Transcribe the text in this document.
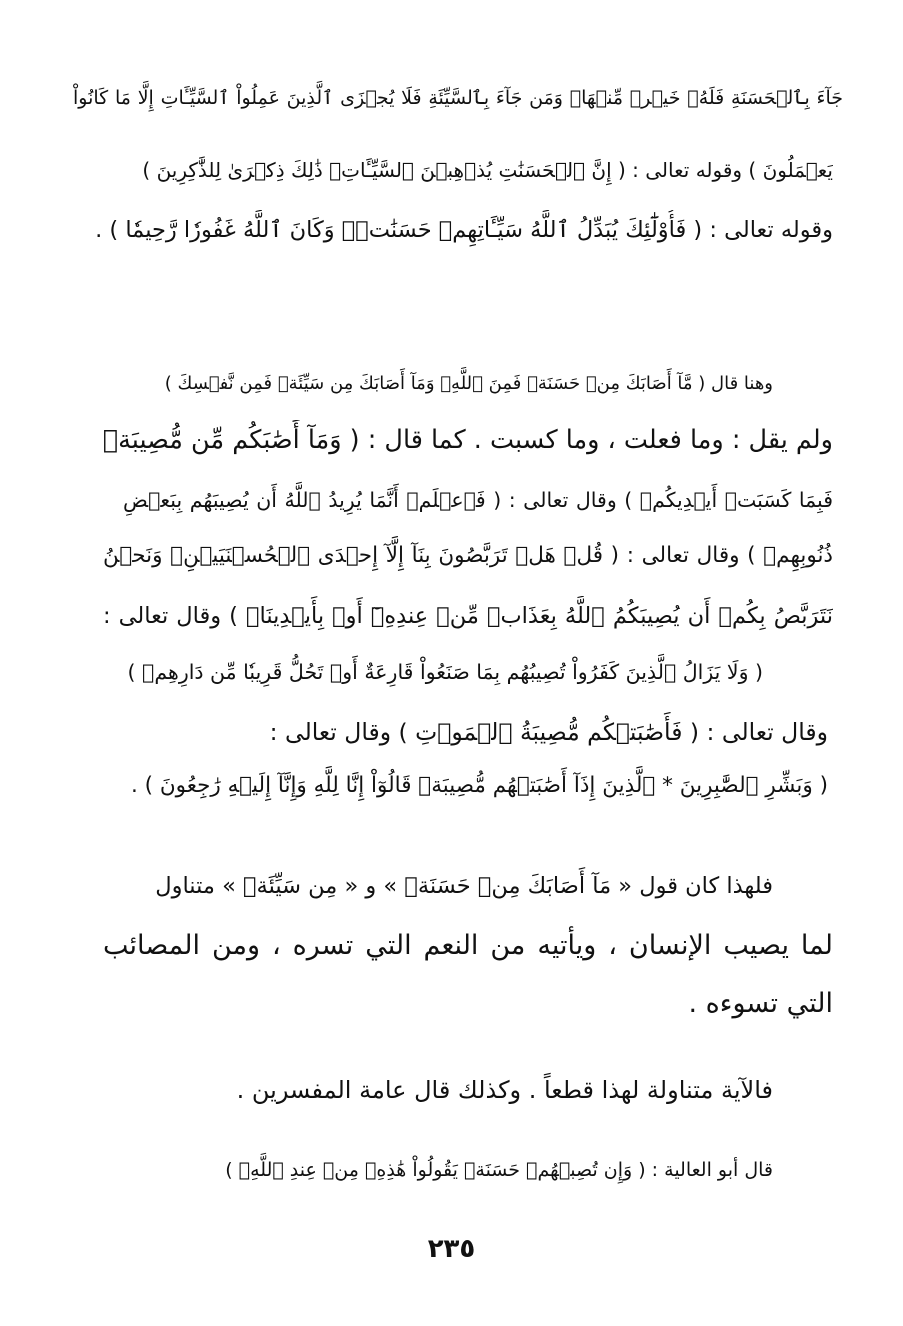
جَآءَ بِٱلۡحَسَنَةِ فَلَهُۥ خَيۡرٞ مِّنۡهَاۖ وَمَن جَآءَ بِٱلسَّيِّئَةِ فَلَا يُجۡزَى ٱلَّذِينَ عَمِلُواْ ٱلسَّيِّـَٔاتِ إِلَّا مَا كَانُواْ
يَعۡمَلُونَ ) وقوله تعالى : ( إِنَّ ٱلۡحَسَنَٰتِ يُذۡهِبۡنَ ٱلسَّيِّـَٔاتِۚ ذَٰلِكَ ذِكۡرَىٰ لِلذَّٰكِرِينَ )
وقوله تعالى : ( فَأُوْلَٰٓئِكَ يُبَدِّلُ ٱللَّهُ سَيِّـَٔاتِهِمۡ حَسَنَٰتٖۗ وَكَانَ ٱللَّهُ غَفُورٗا رَّحِيمٗا ) .
وهنا قال ( مَّآ أَصَابَكَ مِنۡ حَسَنَةٖ فَمِنَ ٱللَّهِۖ وَمَآ أَصَابَكَ مِن سَيِّئَةٖ فَمِن نَّفۡسِكَ )
ولم يقل : وما فعلت ، وما كسبت . كما قال : ( وَمَآ أَصَٰبَكُم مِّن مُّصِيبَةٖ
فَبِمَا كَسَبَتۡ أَيۡدِيكُمۡ ) وقال تعالى : ( فَٱعۡلَمۡ أَنَّمَا يُرِيدُ ٱللَّهُ أَن يُصِيبَهُم بِبَعۡضِ
ذُنُوبِهِمۡ ) وقال تعالى : ( قُلۡ هَلۡ تَرَبَّصُونَ بِنَآ إِلَّآ إِحۡدَى ٱلۡحُسۡنَيَيۡنِۖ وَنَحۡنُ
نَتَرَبَّصُ بِكُمۡ أَن يُصِيبَكُمُ ٱللَّهُ بِعَذَابٖ مِّنۡ عِندِهِۦٓ أَوۡ بِأَيۡدِينَاۖ ) وقال تعالى :
( وَلَا يَزَالُ ٱلَّذِينَ كَفَرُواْ تُصِيبُهُم بِمَا صَنَعُواْ قَارِعَةٌ أَوۡ تَحُلُّ قَرِيبٗا مِّن دَارِهِمۡ )
وقال تعالى : ( فَأَصَٰبَتۡكُم مُّصِيبَةُ ٱلۡمَوۡتِ ) وقال تعالى :
( وَبَشِّرِ ٱلصَّٰبِرِينَ * ٱلَّذِينَ إِذَآ أَصَٰبَتۡهُم مُّصِيبَةٞ قَالُوٓاْ إِنَّا لِلَّهِ وَإِنَّآ إِلَيۡهِ رَٰجِعُونَ ) .
فلهذا كان قول « مَآ أَصَابَكَ مِنۡ حَسَنَةٖ » و « مِن سَيِّئَةٖ » متناول
لما يصيب الإنسان ، ويأتيه من النعم التي تسره ، ومن المصائب
التي تسوءه .
فالآية متناولة لهذا قطعاً . وكذلك قال عامة المفسرين .
قال أبو العالية : ( وَإِن تُصِبۡهُمۡ حَسَنَةٞ يَقُولُواْ هَٰذِهِۦ مِنۡ عِندِ ٱللَّهِۖ )
٢٣٥
